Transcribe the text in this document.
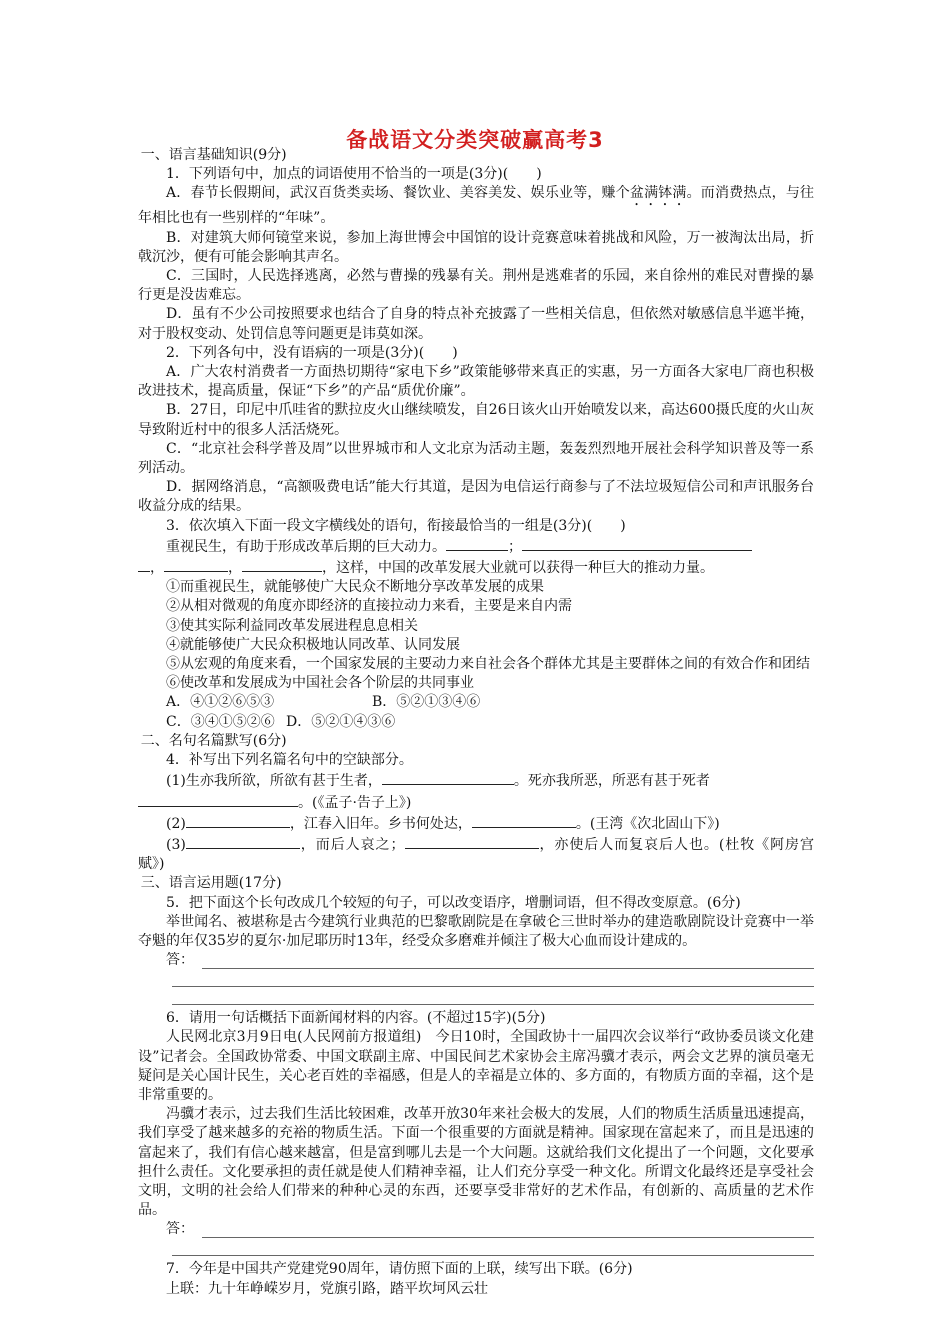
备战语文分类突破赢高考3

一、语言基础知识(9分)

1．下列语句中，加点的词语使用不恰当的一项是(3分)(　　)

A．春节长假期间，武汉百货类卖场、餐饮业、美容美发、娱乐业等，赚个盆满钵满。而消费热点，与往年相比也有一些别样的“年味”。

B．对建筑大师何镜堂来说，参加上海世博会中国馆的设计竞赛意味着挑战和风险，万一被淘汰出局，折戟沉沙，便有可能会影响其声名。

C．三国时，人民选择逃离，必然与曹操的残暴有关。荆州是逃难者的乐园，来自徐州的难民对曹操的暴行更是没齿难忘。

D．虽有不少公司按照要求也结合了自身的特点补充披露了一些相关信息，但依然对敏感信息半遮半掩，对于股权变动、处罚信息等问题更是讳莫如深。

2．下列各句中，没有语病的一项是(3分)(　　)

A．广大农村消费者一方面热切期待“家电下乡”政策能够带来真正的实惠，另一方面各大家电厂商也积极改进技术，提高质量，保证“下乡”的产品“质优价廉”。

B．27日，印尼中爪哇省的默拉皮火山继续喷发，自26日该火山开始喷发以来，高达600摄氏度的火山灰导致附近村中的很多人活活烧死。

C．“北京社会科学普及周”以世界城市和人文北京为活动主题，轰轰烈烈地开展社会科学知识普及等一系列活动。

D．据网络消息，“高额吸费电话”能大行其道，是因为电信运行商参与了不法垃圾短信公司和声讯服务台收益分成的结果。

3．依次填入下面一段文字横线处的语句，衔接最恰当的一组是(3分)(　　)

重视民生，有助于形成改革后期的巨大动力。	；

，	，	，这样，中国的改革发展大业就可以获得一种巨大的推动力量。

①而重视民生，就能够使广大民众不断地分享改革发展的成果

②从相对微观的角度亦即经济的直接拉动力来看，主要是来自内需

③使其实际利益同改革发展进程息息相关

④就能够使广大民众积极地认同改革、认同发展

⑤从宏观的角度来看，一个国家发展的主要动力来自社会各个群体尤其是主要群体之间的有效合作和团结

⑥使改革和发展成为中国社会各个阶层的共同事业

A．④①②⑥⑤③	B．⑤②①③④⑥
C．③④①⑤②⑥ D．⑤②①④③⑥

二、名句名篇默写(6分)

4．补写出下列名篇名句中的空缺部分。

(1)生亦我所欲，所欲有甚于生者，	。死亦我所恶，所恶有甚于死者

。(《孟子·告子上》)

(2)	，江春入旧年。乡书何处达，	。(王湾《次北固山下》)

(3)	，而后人哀之；	，亦使后人而复哀后人也。(杜牧《阿房宫赋》)

三、语言运用题(17分)

5．把下面这个长句改成几个较短的句子，可以改变语序，增删词语，但不得改变原意。(6分)

举世闻名、被堪称是古今建筑行业典范的巴黎歌剧院是在拿破仑三世时举办的建造歌剧院设计竞赛中一举夺魁的年仅35岁的夏尔·加尼耶历时13年，经受众多磨难并倾注了极大心血而设计建成的。

答：

6．请用一句话概括下面新闻材料的内容。(不超过15字)(5分)

人民网北京3月9日电(人民网前方报道组)　今日10时，全国政协十一届四次会议举行“政协委员谈文化建设”记者会。全国政协常委、中国文联副主席、中国民间艺术家协会主席冯骥才表示，两会文艺界的演员毫无疑问是关心国计民生，关心老百姓的幸福感，但是人的幸福是立体的、多方面的，有物质方面的幸福，这个是非常重要的。

冯骥才表示，过去我们生活比较困难，改革开放30年来社会极大的发展，人们的物质生活质量迅速提高，我们享受了越来越多的充裕的物质生活。下面一个很重要的方面就是精神。国家现在富起来了，而且是迅速的富起来了，我们有信心越来越富，但是富到哪儿去是一个大问题。这就给我们文化提出了一个问题，文化要承担什么责任。文化要承担的责任就是使人们精神幸福，让人们充分享受一种文化。所谓文化最终还是享受社会文明，文明的社会给人们带来的种种心灵的东西，还要享受非常好的艺术作品，有创新的、高质量的艺术作品。

答：

7．今年是中国共产党建党90周年，请仿照下面的上联，续写出下联。(6分)

上联：九十年峥嵘岁月，党旗引路，踏平坎坷风云壮
